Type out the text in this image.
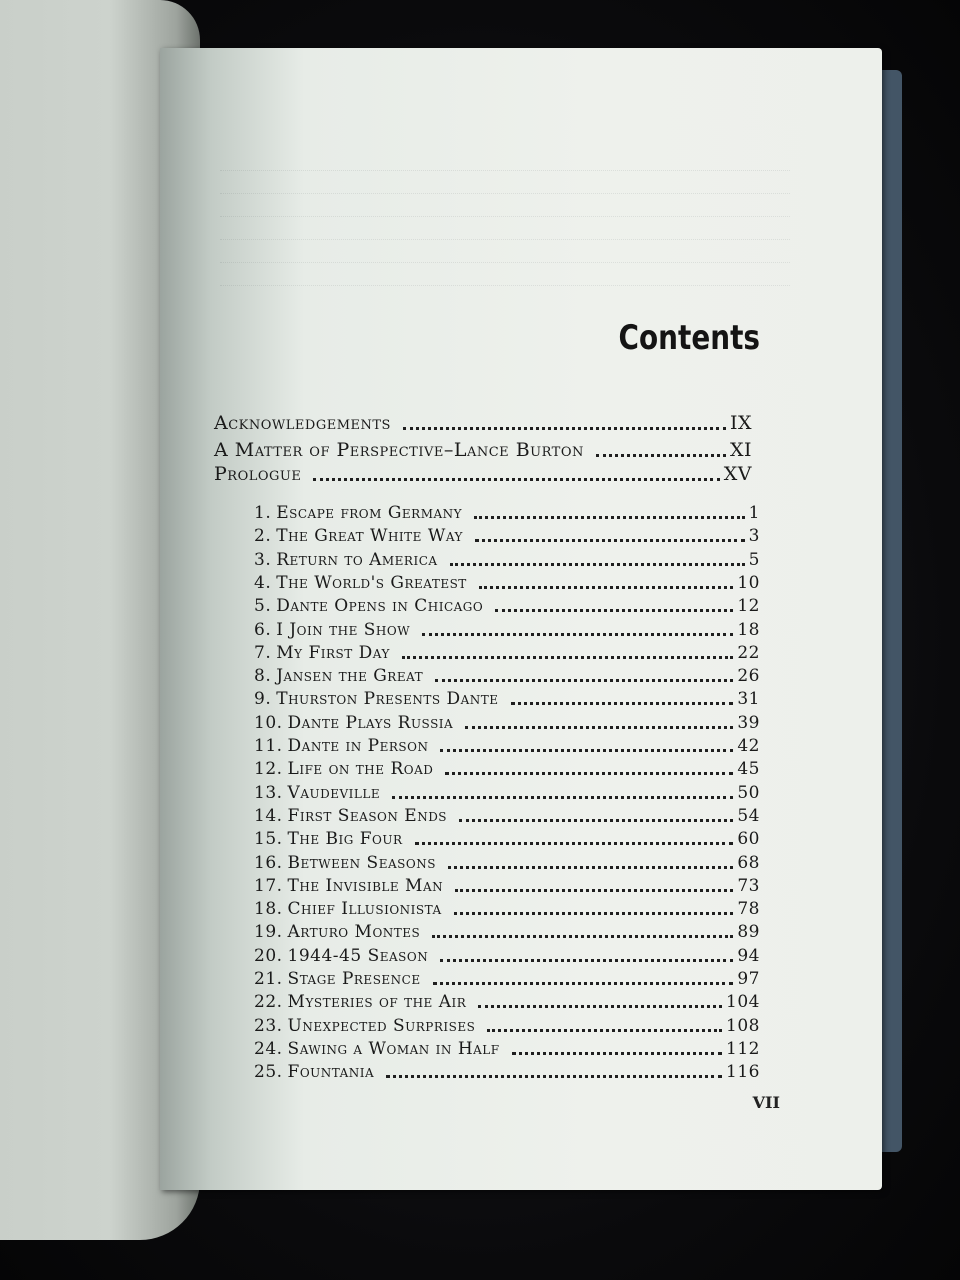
Contents
Acknowledgements	IX
A Matter of Perspective–Lance Burton	XI
Prologue	XV
1. Escape from Germany	1
2. The Great White Way	3
3. Return to America	5
4. The World's Greatest	10
5. Dante Opens in Chicago	12
6. I Join the Show	18
7. My First Day	22
8. Jansen the Great	26
9. Thurston Presents Dante	31
10. Dante Plays Russia	39
11. Dante in Person	42
12. Life on the Road	45
13. Vaudeville	50
14. First Season Ends	54
15. The Big Four	60
16. Between Seasons	68
17. The Invisible Man	73
18. Chief Illusionista	78
19. Arturo Montes	89
20. 1944-45 Season	94
21. Stage Presence	97
22. Mysteries of the Air	104
23. Unexpected Surprises	108
24. Sawing a Woman in Half	112
25. Fountania	116
VII
